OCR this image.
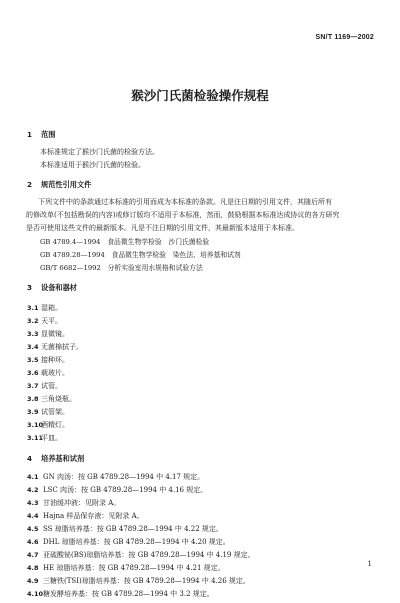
SN/T 1169—2002
猴沙门氏菌检验操作规程
1 范围
本标准规定了猴沙门氏菌的检验方法。
本标准适用于猴沙门氏菌的检验。
2 规范性引用文件
下列文件中的条款通过本标准的引用而成为本标准的条款。凡是注日期的引用文件，其随后所有
的修改单(不包括勘误的内容)或修订版均不适用于本标准，然而，鼓励根据本标准达成协议的各方研究
是否可使用这些文件的最新版本。凡是不注日期的引用文件，其最新版本适用于本标准。
GB 4789.4—1994　食品微生物学检验　沙门氏菌检验
GB 4789.28—1994　食品微生物学检验　染色法、培养基和试剂
GB/T 6682—1992　分析实验室用水规格和试验方法
3 设备和器材
3.1 湿箱。
3.2 天平。
3.3 显微镜。
3.4 无菌棉拭子。
3.5 接种环。
3.6 载玻片。
3.7 试管。
3.8 三角烧瓶。
3.9 试管架。
3.10酒精灯。
3.11平皿。
4 培养基和试剂
4.1 GN 肉汤：按 GB 4789.28—1994 中 4.17 规定。
4.2 LSC 肉汤：按 GB 4789.28—1994 中 4.16 规定。
4.3 甘油缓冲液：见附录 A。
4.4 Hajna 样品保存液：见附录 A。
4.5 SS 琼脂培养基：按 GB 4789.28—1994 中 4.22 规定。
4.6 DHL 琼脂培养基：按 GB 4789.28—1994 中 4.20 规定。
4.7 亚硫酸铋(BS)琼脂培养基：按 GB 4789.28—1994 中 4.19 规定。
4.8 HE 琼脂培养基：按 GB 4789.28—1994 中 4.21 规定。
4.9 三糖铁(TSI)琼脂培养基：按 GB 4789.28—1994 中 4.26 规定。
4.10糖发酵培养基：按 GB 4789.28—1994 中 3.2 规定。
1
